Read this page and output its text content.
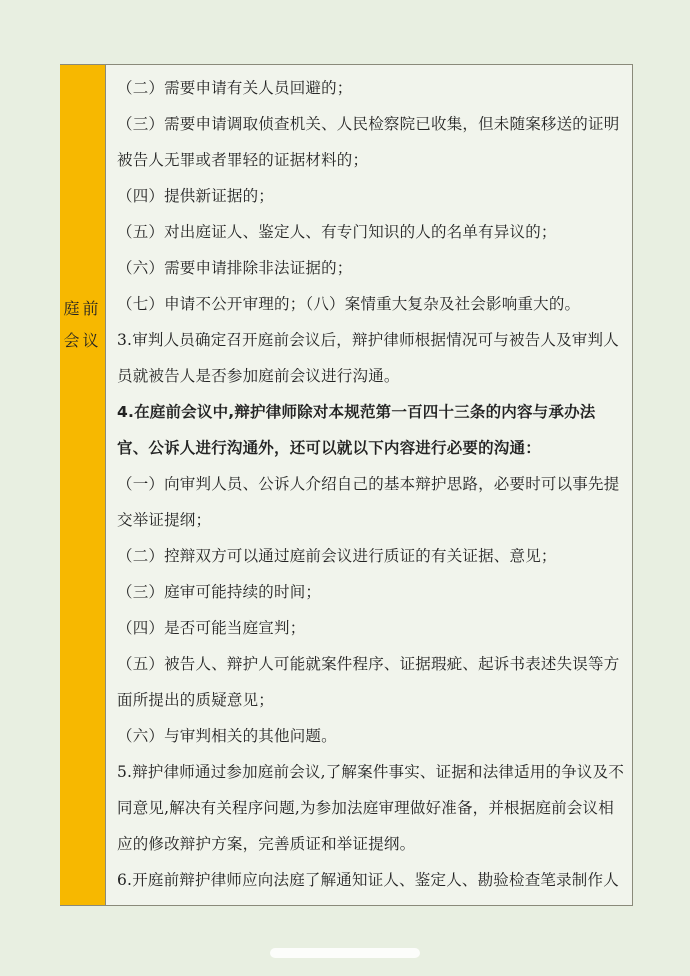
庭前
会议
（二）需要申请有关人员回避的；
（三）需要申请调取侦查机关、人民检察院已收集，但未随案移送的证明
被告人无罪或者罪轻的证据材料的；
（四）提供新证据的；
（五）对出庭证人、鉴定人、有专门知识的人的名单有异议的；
（六）需要申请排除非法证据的；
（七）申请不公开审理的；（八）案情重大复杂及社会影响重大的。
3.审判人员确定召开庭前会议后，辩护律师根据情况可与被告人及审判人
员就被告人是否参加庭前会议进行沟通。
4.在庭前会议中,辩护律师除对本规范第一百四十三条的内容与承办法
官、公诉人进行沟通外，还可以就以下内容进行必要的沟通：
（一）向审判人员、公诉人介绍自己的基本辩护思路，必要时可以事先提
交举证提纲；
（二）控辩双方可以通过庭前会议进行质证的有关证据、意见；
（三）庭审可能持续的时间；
（四）是否可能当庭宣判；
（五）被告人、辩护人可能就案件程序、证据瑕疵、起诉书表述失误等方
面所提出的质疑意见；
（六）与审判相关的其他问题。
5.辩护律师通过参加庭前会议,了解案件事实、证据和法律适用的争议及不
同意见,解决有关程序问题,为参加法庭审理做好准备，并根据庭前会议相
应的修改辩护方案，完善质证和举证提纲。
6.开庭前辩护律师应向法庭了解通知证人、鉴定人、勘验检查笔录制作人
